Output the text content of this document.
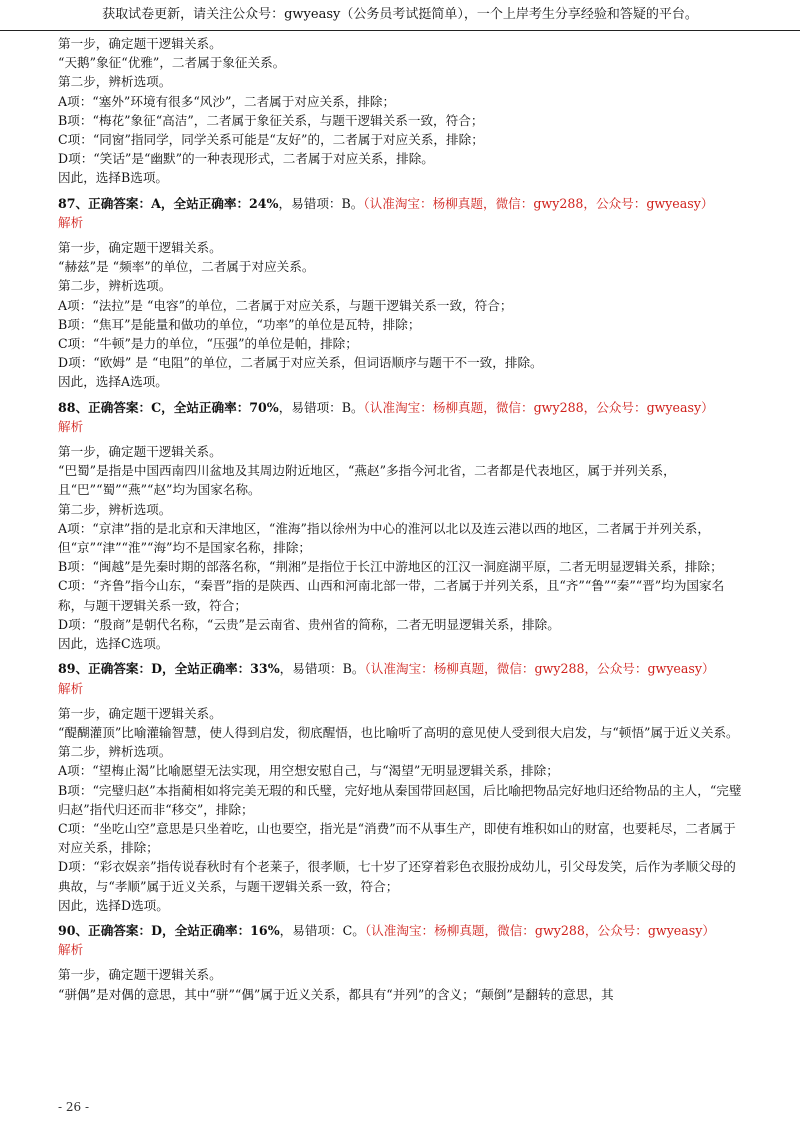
获取试卷更新，请关注公众号：gwyeasy（公务员考试挺简单），一个上岸考生分享经验和答疑的平台。

第一步，确定题干逻辑关系。

“天鹅”象征“优雅”，二者属于象征关系。

第二步，辨析选项。

A项：“塞外”环境有很多“风沙”，二者属于对应关系，排除；

B项：“梅花”象征“高洁”，二者属于象征关系，与题干逻辑关系一致，符合；

C项：“同窗”指同学，同学关系可能是“友好”的，二者属于对应关系，排除；

D项：“笑话”是“幽默”的一种表现形式，二者属于对应关系，排除。

因此，选择B选项。

87、正确答案：A，全站正确率：24%，易错项：B。（认准淘宝：杨柳真题，微信：gwy288，公众号：gwyeasy）

解析

第一步，确定题干逻辑关系。

“赫兹”是 “频率”的单位，二者属于对应关系。

第二步，辨析选项。

A项：“法拉”是 “电容”的单位，二者属于对应关系，与题干逻辑关系一致，符合；

B项：“焦耳”是能量和做功的单位，“功率”的单位是瓦特，排除；

C项：“牛顿”是力的单位，“压强”的单位是帕，排除；

D项：“欧姆” 是 “电阻”的单位，二者属于对应关系，但词语顺序与题干不一致，排除。

因此，选择A选项。

88、正确答案：C，全站正确率：70%，易错项：B。（认准淘宝：杨柳真题，微信：gwy288，公众号：gwyeasy）

解析

第一步，确定题干逻辑关系。

“巴蜀”是指是中国西南四川盆地及其周边附近地区，“燕赵”多指今河北省，二者都是代表地区，属于并列关系，且“巴”“蜀”“燕”“赵”均为国家名称。

第二步，辨析选项。

A项：“京津”指的是北京和天津地区，“淮海”指以徐州为中心的淮河以北以及连云港以西的地区，二者属于并列关系，但“京”“津”“淮”“海”均不是国家名称，排除；

B项：“闽越”是先秦时期的部落名称，“荆湘”是指位于长江中游地区的江汉一洞庭湖平原，二者无明显逻辑关系，排除；

C项：“齐鲁”指今山东，“秦晋”指的是陕西、山西和河南北部一带，二者属于并列关系，且“齐”“鲁”“秦”“晋”均为国家名称，与题干逻辑关系一致，符合；

D项：“殷商”是朝代名称，“云贵”是云南省、贵州省的简称，二者无明显逻辑关系，排除。

因此，选择C选项。

89、正确答案：D，全站正确率：33%，易错项：B。（认准淘宝：杨柳真题，微信：gwy288，公众号：gwyeasy）

解析

第一步，确定题干逻辑关系。

“醍醐灌顶”比喻灌输智慧，使人得到启发，彻底醒悟，也比喻听了高明的意见使人受到很大启发，与“顿悟”属于近义关系。

第二步，辨析选项。

A项：“望梅止渴”比喻愿望无法实现，用空想安慰自己，与“渴望”无明显逻辑关系，排除；

B项：“完璧归赵”本指蔺相如将完美无瑕的和氏璧，完好地从秦国带回赵国，后比喻把物品完好地归还给物品的主人，“完璧归赵”指代归还而非“移交”，排除；

C项：“坐吃山空”意思是只坐着吃，山也要空，指光是“消费”而不从事生产，即使有堆积如山的财富，也要耗尽，二者属于对应关系，排除；

D项：“彩衣娱亲”指传说春秋时有个老莱子，很孝顺，七十岁了还穿着彩色衣服扮成幼儿，引父母发笑，后作为孝顺父母的典故，与“孝顺”属于近义关系，与题干逻辑关系一致，符合；

因此，选择D选项。

90、正确答案：D，全站正确率：16%，易错项：C。（认准淘宝：杨柳真题，微信：gwy288，公众号：gwyeasy）

解析

第一步，确定题干逻辑关系。

“骈偶”是对偶的意思，其中“骈”“偶”属于近义关系，都具有“并列”的含义；“颠倒”是翻转的意思，其

- 26 -
